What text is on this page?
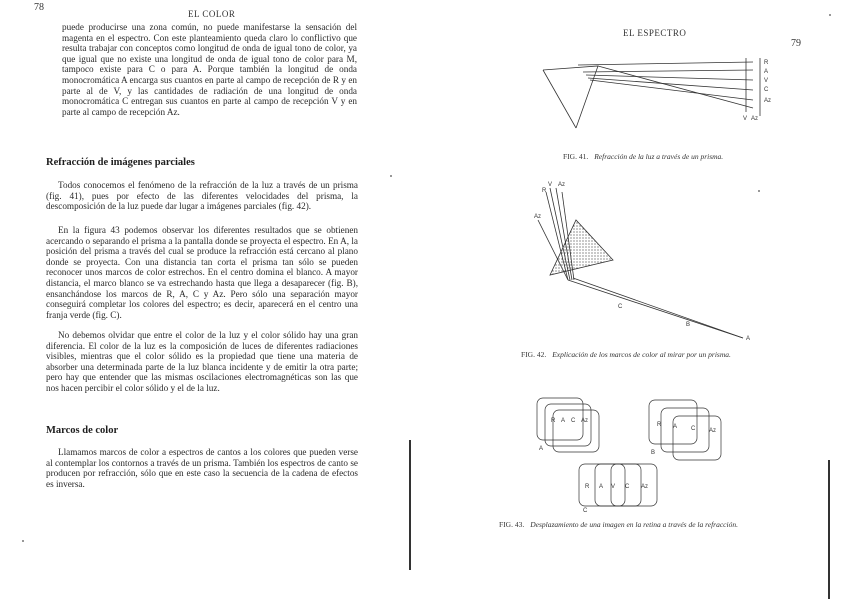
78
EL COLOR

puede producirse una zona común, no puede manifestarse la sensación del magenta en el espectro. Con este planteamiento queda claro lo conflictivo que resulta trabajar con conceptos como longitud de onda de igual tono de color, ya que igual que no existe una longitud de onda de igual tono de color para M, tampoco existe para C o para A. Porque también la longitud de onda monocromática A encarga sus cuantos en parte al campo de recepción de R y en parte al de V, y las cantidades de radiación de una longitud de onda monocromática C entregan sus cuantos en parte al campo de recepción V y en parte al campo de recepción Az.

Refracción de imágenes parciales

Todos conocemos el fenómeno de la refracción de la luz a través de un prisma (fig. 41), pues por efecto de las diferentes velocidades del prisma, la descomposición de la luz puede dar lugar a imágenes parciales (fig. 42).

En la figura 43 podemos observar los diferentes resultados que se obtienen acercando o separando el prisma a la pantalla donde se proyecta el espectro. En A, la posición del prisma a través del cual se produce la refracción está cercano al plano donde se proyecta. Con una distancia tan corta el prisma tan sólo se pueden reconocer unos marcos de color estrechos. En el centro domina el blanco. A mayor distancia, el marco blanco se va estrechando hasta que llega a desaparecer (fig. B), ensanchándose los marcos de R, A, C y Az. Pero sólo una separación mayor conseguirá completar los colores del espectro; es decir, aparecerá en el centro una franja verde (fig. C).

No debemos olvidar que entre el color de la luz y el color sólido hay una gran diferencia. El color de la luz es la composición de luces de diferentes radiaciones visibles, mientras que el color sólido es la propiedad que tiene una materia de absorber una determinada parte de la luz blanca incidente y de emitir la otra parte; pero hay que entender que las mismas oscilaciones electromagnéticas son las que nos hacen percibir el color sólido y el de la luz.

Marcos de color

Llamamos marcos de color a espectros de cantos a los colores que pueden verse al contemplar los contornos a través de un prisma. También los espectros de canto se producen por refracción, sólo que en este caso la secuencia de la cadena de efectos es inversa.

EL ESPECTRO
79
R
A
V
C
Az
V Az

FIG. 41. Refracción de la luz a través de un prisma.

R
V Az
Az
C
B
A

FIG. 42. Explicación de los marcos de color al mirar por un prisma.

R A C Az
A
R A C Az
B
R A V C Az
C

FIG. 43. Desplazamiento de una imagen en la retina a través de la refracción.
